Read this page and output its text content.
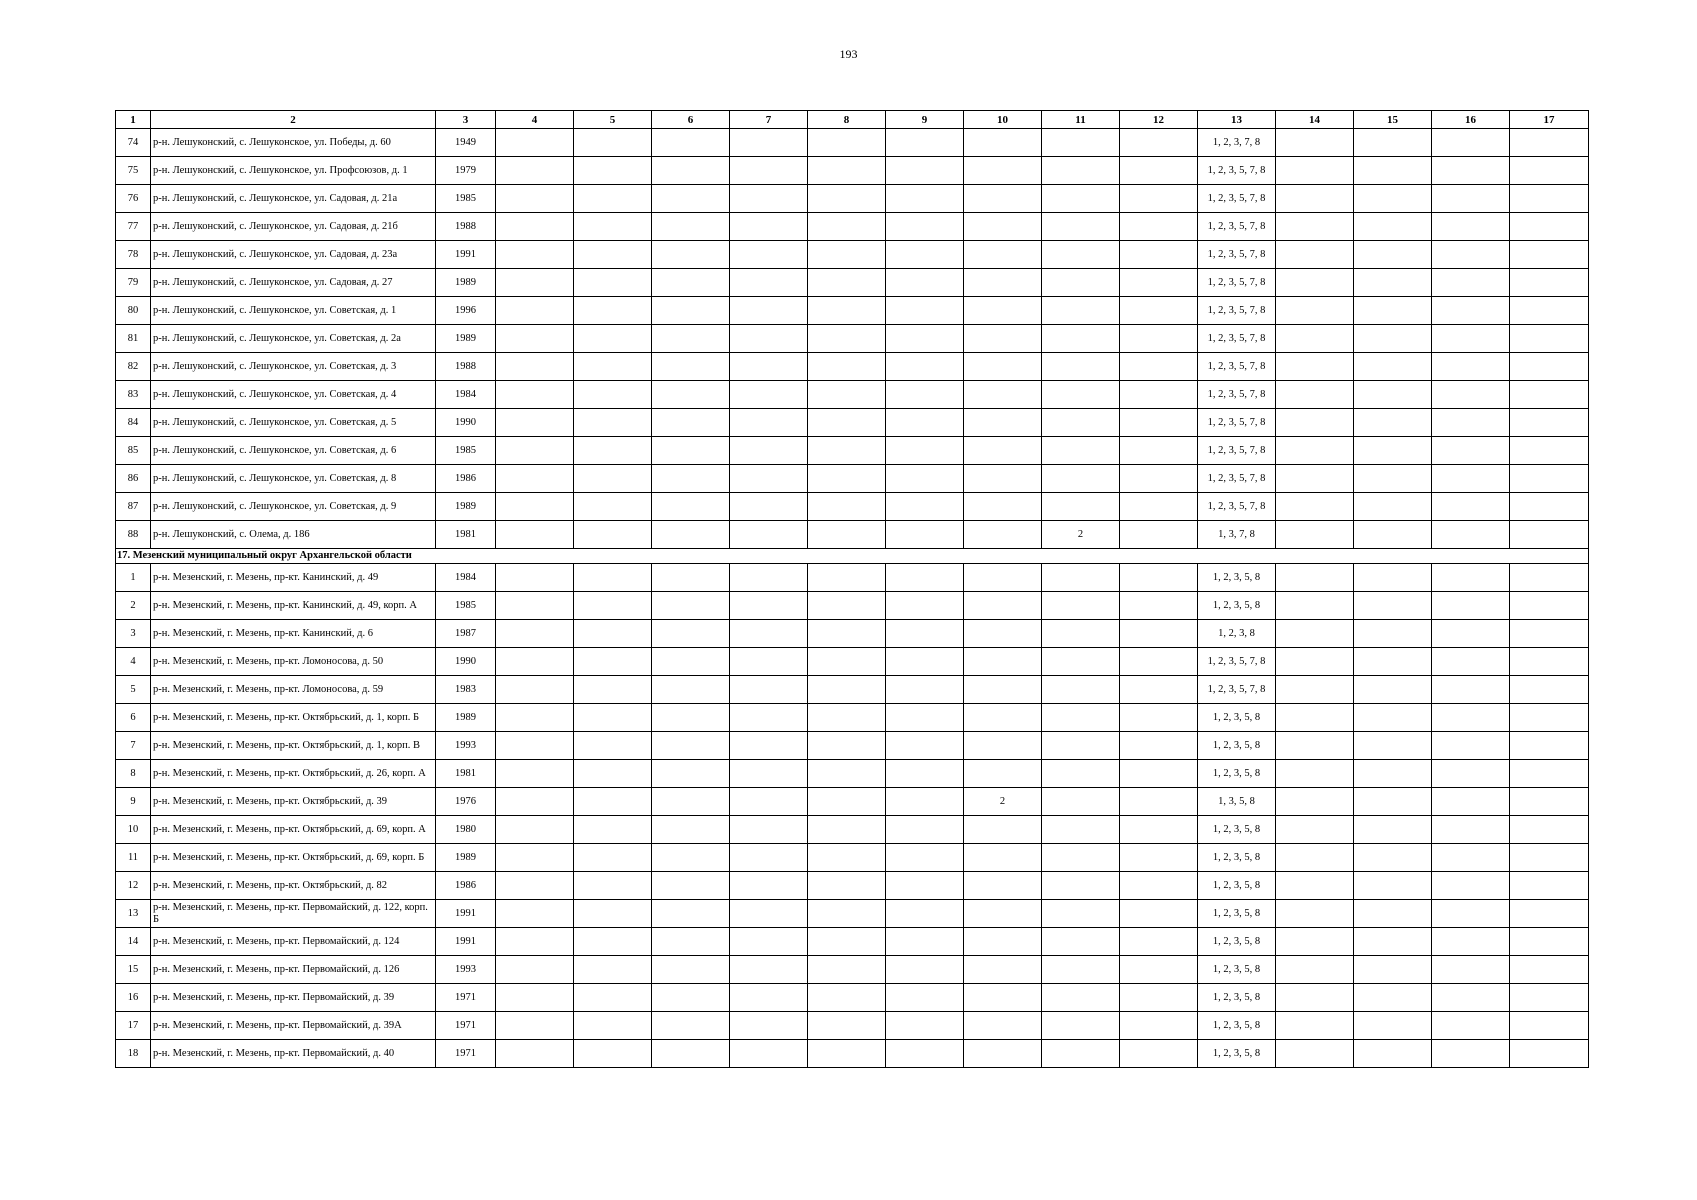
193
1	2	3	4	5	6	7	8	9	10	11	12	13	14	15	16	17
74	р-н. Лешуконский, с. Лешуконское, ул. Победы, д. 60	1949										1, 2, 3, 7, 8				
75	р-н. Лешуконский, с. Лешуконское, ул. Профсоюзов, д. 1	1979										1, 2, 3, 5, 7, 8				
76	р-н. Лешуконский, с. Лешуконское, ул. Садовая, д. 21а	1985										1, 2, 3, 5, 7, 8				
77	р-н. Лешуконский, с. Лешуконское, ул. Садовая, д. 21б	1988										1, 2, 3, 5, 7, 8				
78	р-н. Лешуконский, с. Лешуконское, ул. Садовая, д. 23а	1991										1, 2, 3, 5, 7, 8				
79	р-н. Лешуконский, с. Лешуконское, ул. Садовая, д. 27	1989										1, 2, 3, 5, 7, 8				
80	р-н. Лешуконский, с. Лешуконское, ул. Советская, д. 1	1996										1, 2, 3, 5, 7, 8				
81	р-н. Лешуконский, с. Лешуконское, ул. Советская, д. 2а	1989										1, 2, 3, 5, 7, 8				
82	р-н. Лешуконский, с. Лешуконское, ул. Советская, д. 3	1988										1, 2, 3, 5, 7, 8				
83	р-н. Лешуконский, с. Лешуконское, ул. Советская, д. 4	1984										1, 2, 3, 5, 7, 8				
84	р-н. Лешуконский, с. Лешуконское, ул. Советская, д. 5	1990										1, 2, 3, 5, 7, 8				
85	р-н. Лешуконский, с. Лешуконское, ул. Советская, д. 6	1985										1, 2, 3, 5, 7, 8				
86	р-н. Лешуконский, с. Лешуконское, ул. Советская, д. 8	1986										1, 2, 3, 5, 7, 8				
87	р-н. Лешуконский, с. Лешуконское, ул. Советская, д. 9	1989										1, 2, 3, 5, 7, 8				
88	р-н. Лешуконский, с. Олема, д. 186	1981								2		1, 3, 7, 8				
17. Мезенский муниципальный округ Архангельской области																
1	р-н. Мезенский, г. Мезень, пр-кт. Канинский, д. 49	1984										1, 2, 3, 5, 8				
2	р-н. Мезенский, г. Мезень, пр-кт. Канинский, д. 49, корп. А	1985										1, 2, 3, 5, 8				
3	р-н. Мезенский, г. Мезень, пр-кт. Канинский, д. 6	1987										1, 2, 3, 8				
4	р-н. Мезенский, г. Мезень, пр-кт. Ломоносова, д. 50	1990										1, 2, 3, 5, 7, 8				
5	р-н. Мезенский, г. Мезень, пр-кт. Ломоносова, д. 59	1983										1, 2, 3, 5, 7, 8				
6	р-н. Мезенский, г. Мезень, пр-кт. Октябрьский, д. 1, корп. Б	1989										1, 2, 3, 5, 8				
7	р-н. Мезенский, г. Мезень, пр-кт. Октябрьский, д. 1, корп. В	1993										1, 2, 3, 5, 8				
8	р-н. Мезенский, г. Мезень, пр-кт. Октябрьский, д. 26, корп. А	1981										1, 2, 3, 5, 8				
9	р-н. Мезенский, г. Мезень, пр-кт. Октябрьский, д. 39	1976							2			1, 3, 5, 8				
10	р-н. Мезенский, г. Мезень, пр-кт. Октябрьский, д. 69, корп. А	1980										1, 2, 3, 5, 8				
11	р-н. Мезенский, г. Мезень, пр-кт. Октябрьский, д. 69, корп. Б	1989										1, 2, 3, 5, 8				
12	р-н. Мезенский, г. Мезень, пр-кт. Октябрьский, д. 82	1986										1, 2, 3, 5, 8				
13	р-н. Мезенский, г. Мезень, пр-кт. Первомайский, д. 122, корп. Б	1991										1, 2, 3, 5, 8				
14	р-н. Мезенский, г. Мезень, пр-кт. Первомайский, д. 124	1991										1, 2, 3, 5, 8				
15	р-н. Мезенский, г. Мезень, пр-кт. Первомайский, д. 126	1993										1, 2, 3, 5, 8				
16	р-н. Мезенский, г. Мезень, пр-кт. Первомайский, д. 39	1971										1, 2, 3, 5, 8				
17	р-н. Мезенский, г. Мезень, пр-кт. Первомайский, д. 39А	1971										1, 2, 3, 5, 8				
18	р-н. Мезенский, г. Мезень, пр-кт. Первомайский, д. 40	1971										1, 2, 3, 5, 8				
